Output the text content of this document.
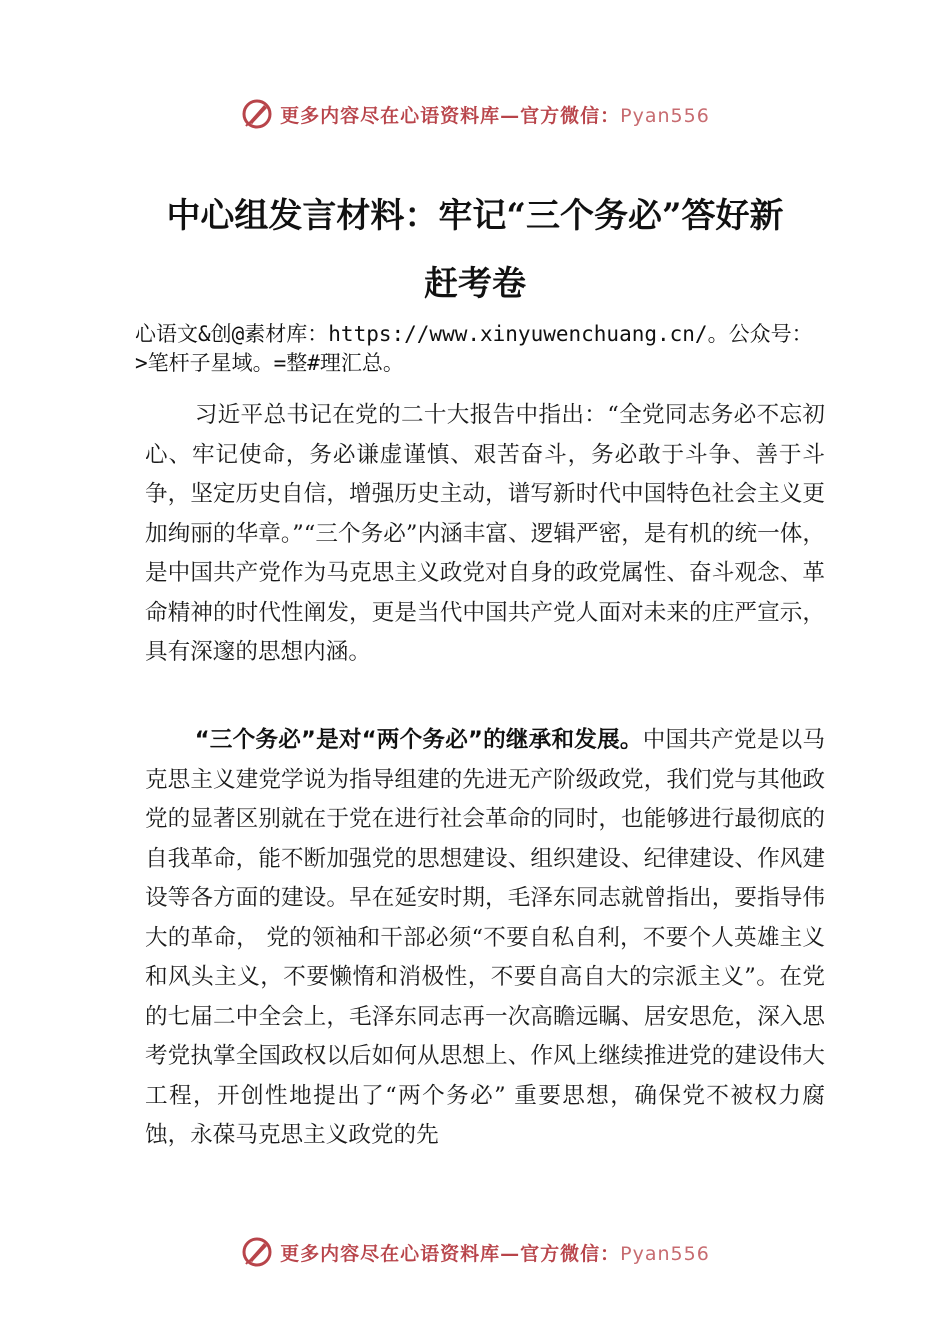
更多内容尽在心语资料库—官方微信：Pyan556
中心组发言材料：牢记“三个务必”答好新
赶考卷
心语文&创@素材库：https://www.xinyuwenchuang.cn/。公众号：>笔杆子星域。=整#理汇总。
习近平总书记在党的二十大报告中指出：“全党同志务必不忘初心、牢记使命，务必谦虚谨慎、艰苦奋斗，务必敢于斗争、善于斗争，坚定历史自信，增强历史主动，谱写新时代中国特色社会主义更加绚丽的华章。”“三个务必”内涵丰富、逻辑严密，是有机的统一体，是中国共产党作为马克思主义政党对自身的政党属性、奋斗观念、革命精神的时代性阐发，更是当代中国共产党人面对未来的庄严宣示，具有深邃的思想内涵。
“三个务必”是对“两个务必”的继承和发展。中国共产党是以马克思主义建党学说为指导组建的先进无产阶级政党，我们党与其他政党的显著区别就在于党在进行社会革命的同时，也能够进行最彻底的自我革命，能不断加强党的思想建设、组织建设、纪律建设、作风建设等各方面的建设。早在延安时期，毛泽东同志就曾指出，要指导伟大的革命， 党的领袖和干部必须“不要自私自利，不要个人英雄主义和风头主义，不要懒惰和消极性，不要自高自大的宗派主义”。在党的七届二中全会上，毛泽东同志再一次高瞻远瞩、居安思危，深入思考党执掌全国政权以后如何从思想上、作风上继续推进党的建设伟大工程，开创性地提出了“两个务必” 重要思想，确保党不被权力腐蚀，永葆马克思主义政党的先
更多内容尽在心语资料库—官方微信：Pyan556
